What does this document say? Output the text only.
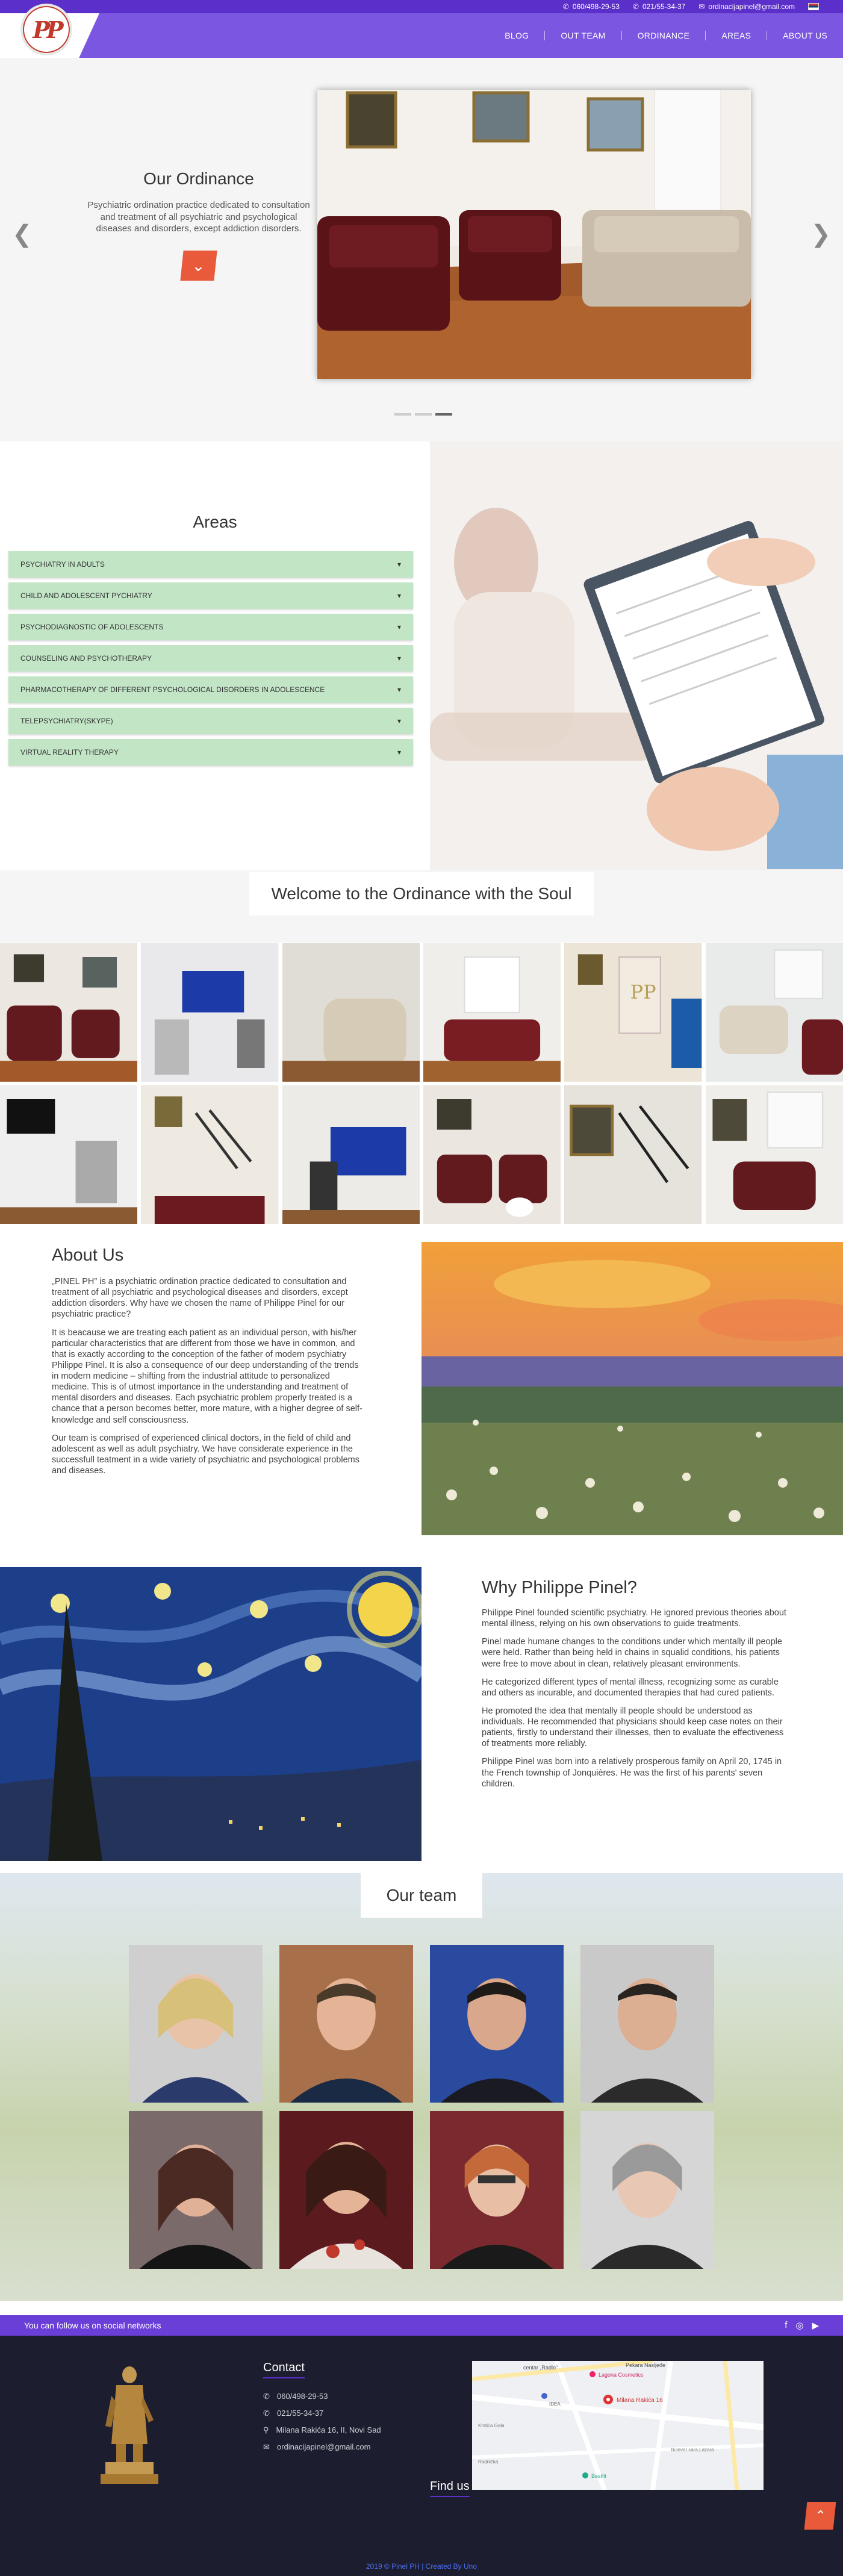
✆ 060/498-29-53 ✆ 021/55-34-37 ✉ ordinacijapinel@gmail.com
PP	BLOG	OUT TEAM	ORDINANCE	AREAS	ABOUT US
❮	❯
Our Ordinance

Psychiatric ordination practice dedicated to consultation and treatment of all psychiatric and psychological diseases and disorders, except addiction disorders.

⌄
Areas
PSYCHIATRY IN ADULTS	▾
CHILD AND ADOLESCENT PYCHIATRY	▾
PSYCHODIAGNOSTIC OF ADOLESCENTS	▾
COUNSELING AND PSYCHOTHERAPY	▾
PHARMACOTHERAPY OF DIFFERENT PSYCHOLOGICAL DISORDERS IN ADOLESCENCE	▾
TELEPSYCHIATRY(SKYPE)	▾
VIRTUAL REALITY THERAPY	▾
Welcome to the Ordinance with the Soul
PP
About Us

„PINEL PH” is a psychiatric ordination practice dedicated to consultation and treatment of all psychiatric and psychological diseases and disorders, except addiction disorders. Why have we chosen the name of Philippe Pinel for our psychiatric practice?

It is beacause we are treating each patient as an individual person, with his/her particular characteristics that are different from those we have in common, and that is exactly according to the conception of the father of modern psychiatry Philippe Pinel. It is also a consequence of our deep understanding of the trends in modern medicine – shifting from the industrial attitude to personalized medicine. This is of utmost importance in the understanding and treatment of mental disorders and diseases. Each psychiatric problem properly treated is a chance that a person becomes better, more mature, with a higher degree of self-knowledge and self consciousness.

Our team is comprised of experienced clinical doctors, in the field of child and adolescent as well as adult psychiatry. We have considerate experience in the successfull teatment in a wide variety of psychiatric and psychological problems and diseases.

Why Philippe Pinel?

Philippe Pinel founded scientific psychiatry. He ignored previous theories about mental illness, relying on his own observations to guide treatments.

Pinel made humane changes to the conditions under which mentally ill people were held. Rather than being held in chains in squalid conditions, his patients were free to move about in clean, relatively pleasant environments.

He categorized different types of mental illness, recognizing some as curable and others as incurable, and documented therapies that had cured patients.

He promoted the idea that mentally ill people should be understood as individuals. He recommended that physicians should keep case notes on their patients, firstly to understand their illnesses, then to evaluate the effectiveness of treatments more reliably.

Philippe Pinel was born into a relatively prosperous family on April 20, 1745 in the French township of Jonquières. He was the first of his parents' seven children.

Our team
You can follow us on social networks	f ◎ ▶
Contact
✆ 060/498-29-53
✆ 021/55-34-37
⚲ Milana Rakića 16, II, Novi Sad
✉ ordinacijapinel@gmail.com
Find us
Milana Rakića 16
Lagona Cosmetics
Pekara Nasljeđe
Bestfit
centar „Radio"
Krstića Gala
Radnička
Bulevar cara Lazara
IDEA
⌃
2019 © Pinel PH | Created By Uno
